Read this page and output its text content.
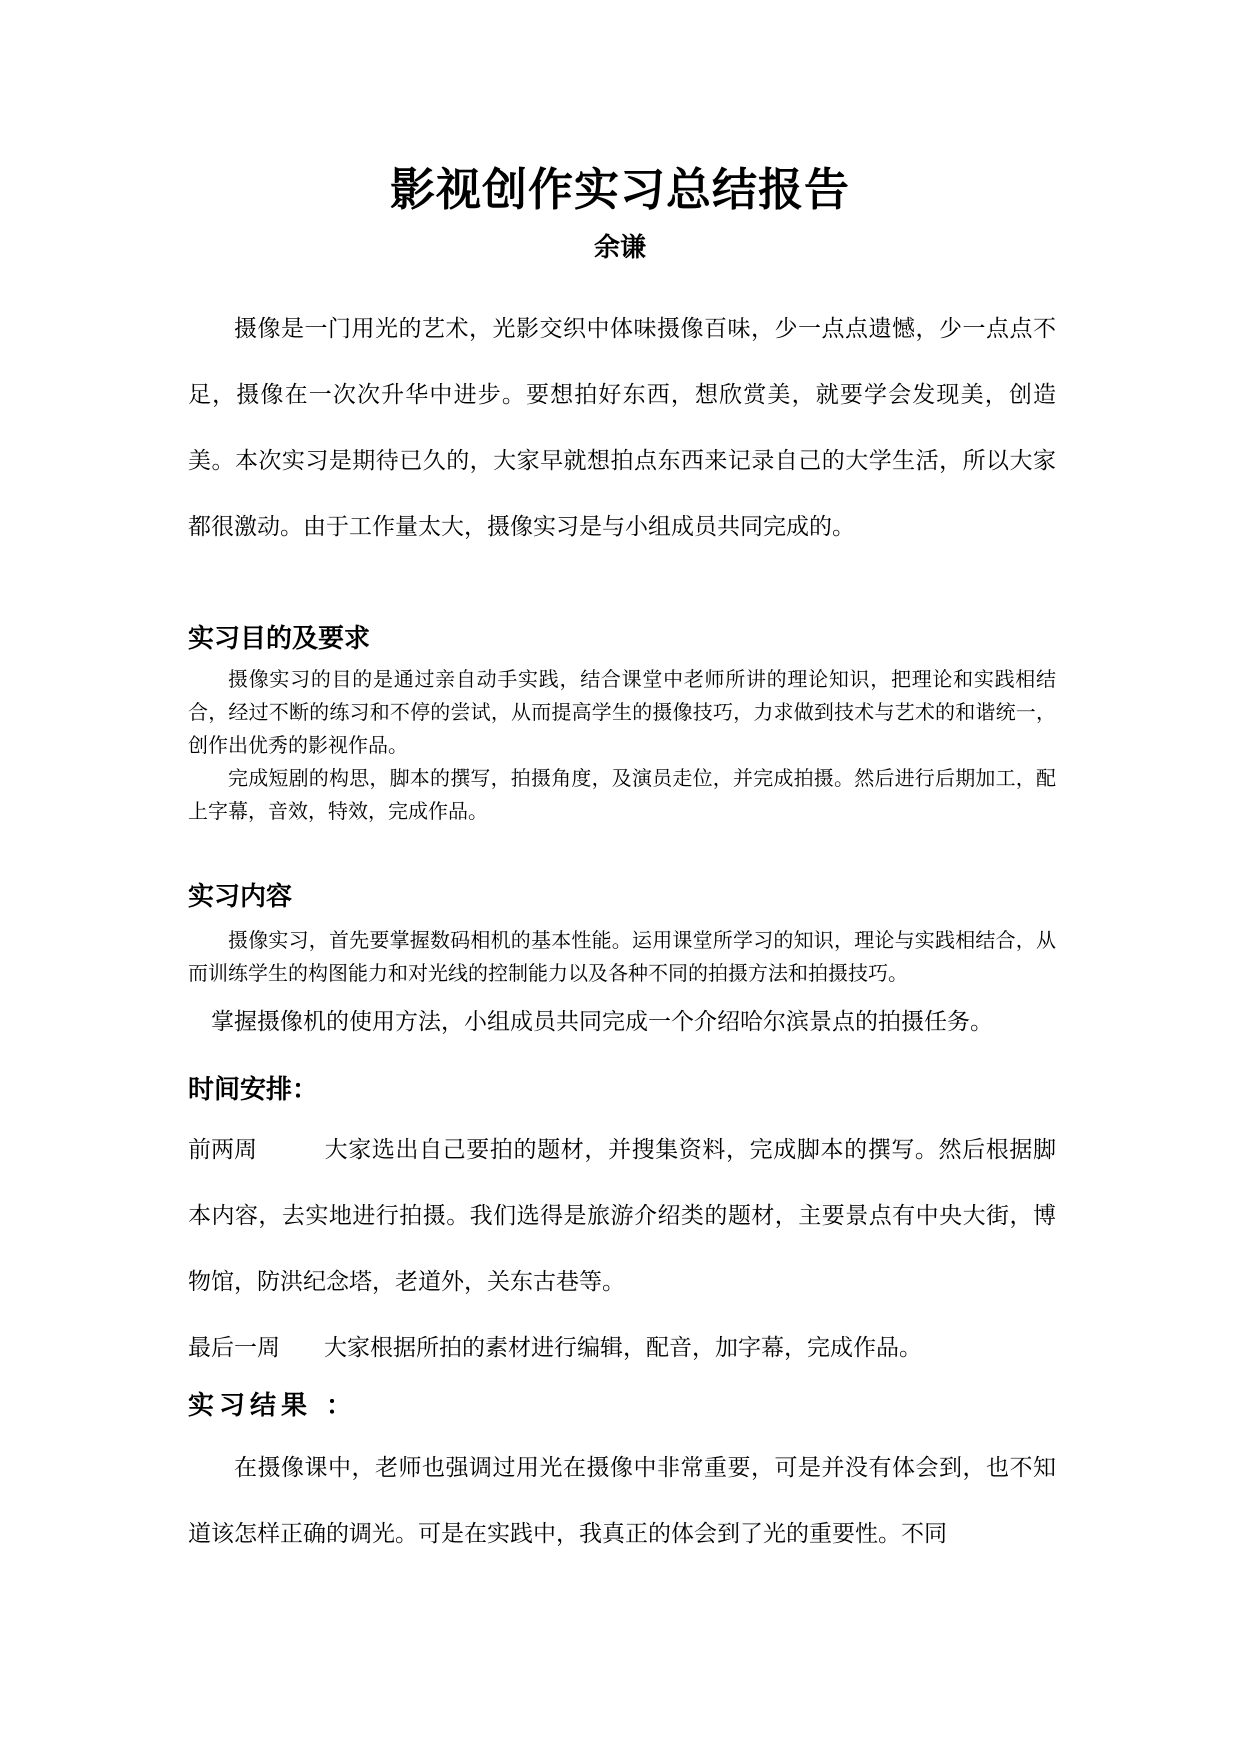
影视创作实习总结报告
余谦

摄像是一门用光的艺术，光影交织中体味摄像百味，少一点点遗憾，少一点点不足，摄像在一次次升华中进步。要想拍好东西，想欣赏美，就要学会发现美，创造美。本次实习是期待已久的，大家早就想拍点东西来记录自己的大学生活，所以大家都很激动。由于工作量太大，摄像实习是与小组成员共同完成的。

实习目的及要求

摄像实习的目的是通过亲自动手实践，结合课堂中老师所讲的理论知识，把理论和实践相结合，经过不断的练习和不停的尝试，从而提高学生的摄像技巧，力求做到技术与艺术的和谐统一，创作出优秀的影视作品。

完成短剧的构思，脚本的撰写，拍摄角度，及演员走位，并完成拍摄。然后进行后期加工，配上字幕，音效，特效，完成作品。

实习内容

摄像实习，首先要掌握数码相机的基本性能。运用课堂所学习的知识，理论与实践相结合，从而训练学生的构图能力和对光线的控制能力以及各种不同的拍摄方法和拍摄技巧。

掌握摄像机的使用方法，小组成员共同完成一个介绍哈尔滨景点的拍摄任务。

时间安排：

前两周	大家选出自己要拍的题材，并搜集资料，完成脚本的撰写。然后根据脚本内容，去实地进行拍摄。我们选得是旅游介绍类的题材，主要景点有中央大街，博物馆，防洪纪念塔，老道外，关东古巷等。

最后一周 大家根据所拍的素材进行编辑，配音，加字幕，完成作品。

实习结果 ：

在摄像课中，老师也强调过用光在摄像中非常重要，可是并没有体会到，也不知道该怎样正确的调光。可是在实践中，我真正的体会到了光的重要性。不同
